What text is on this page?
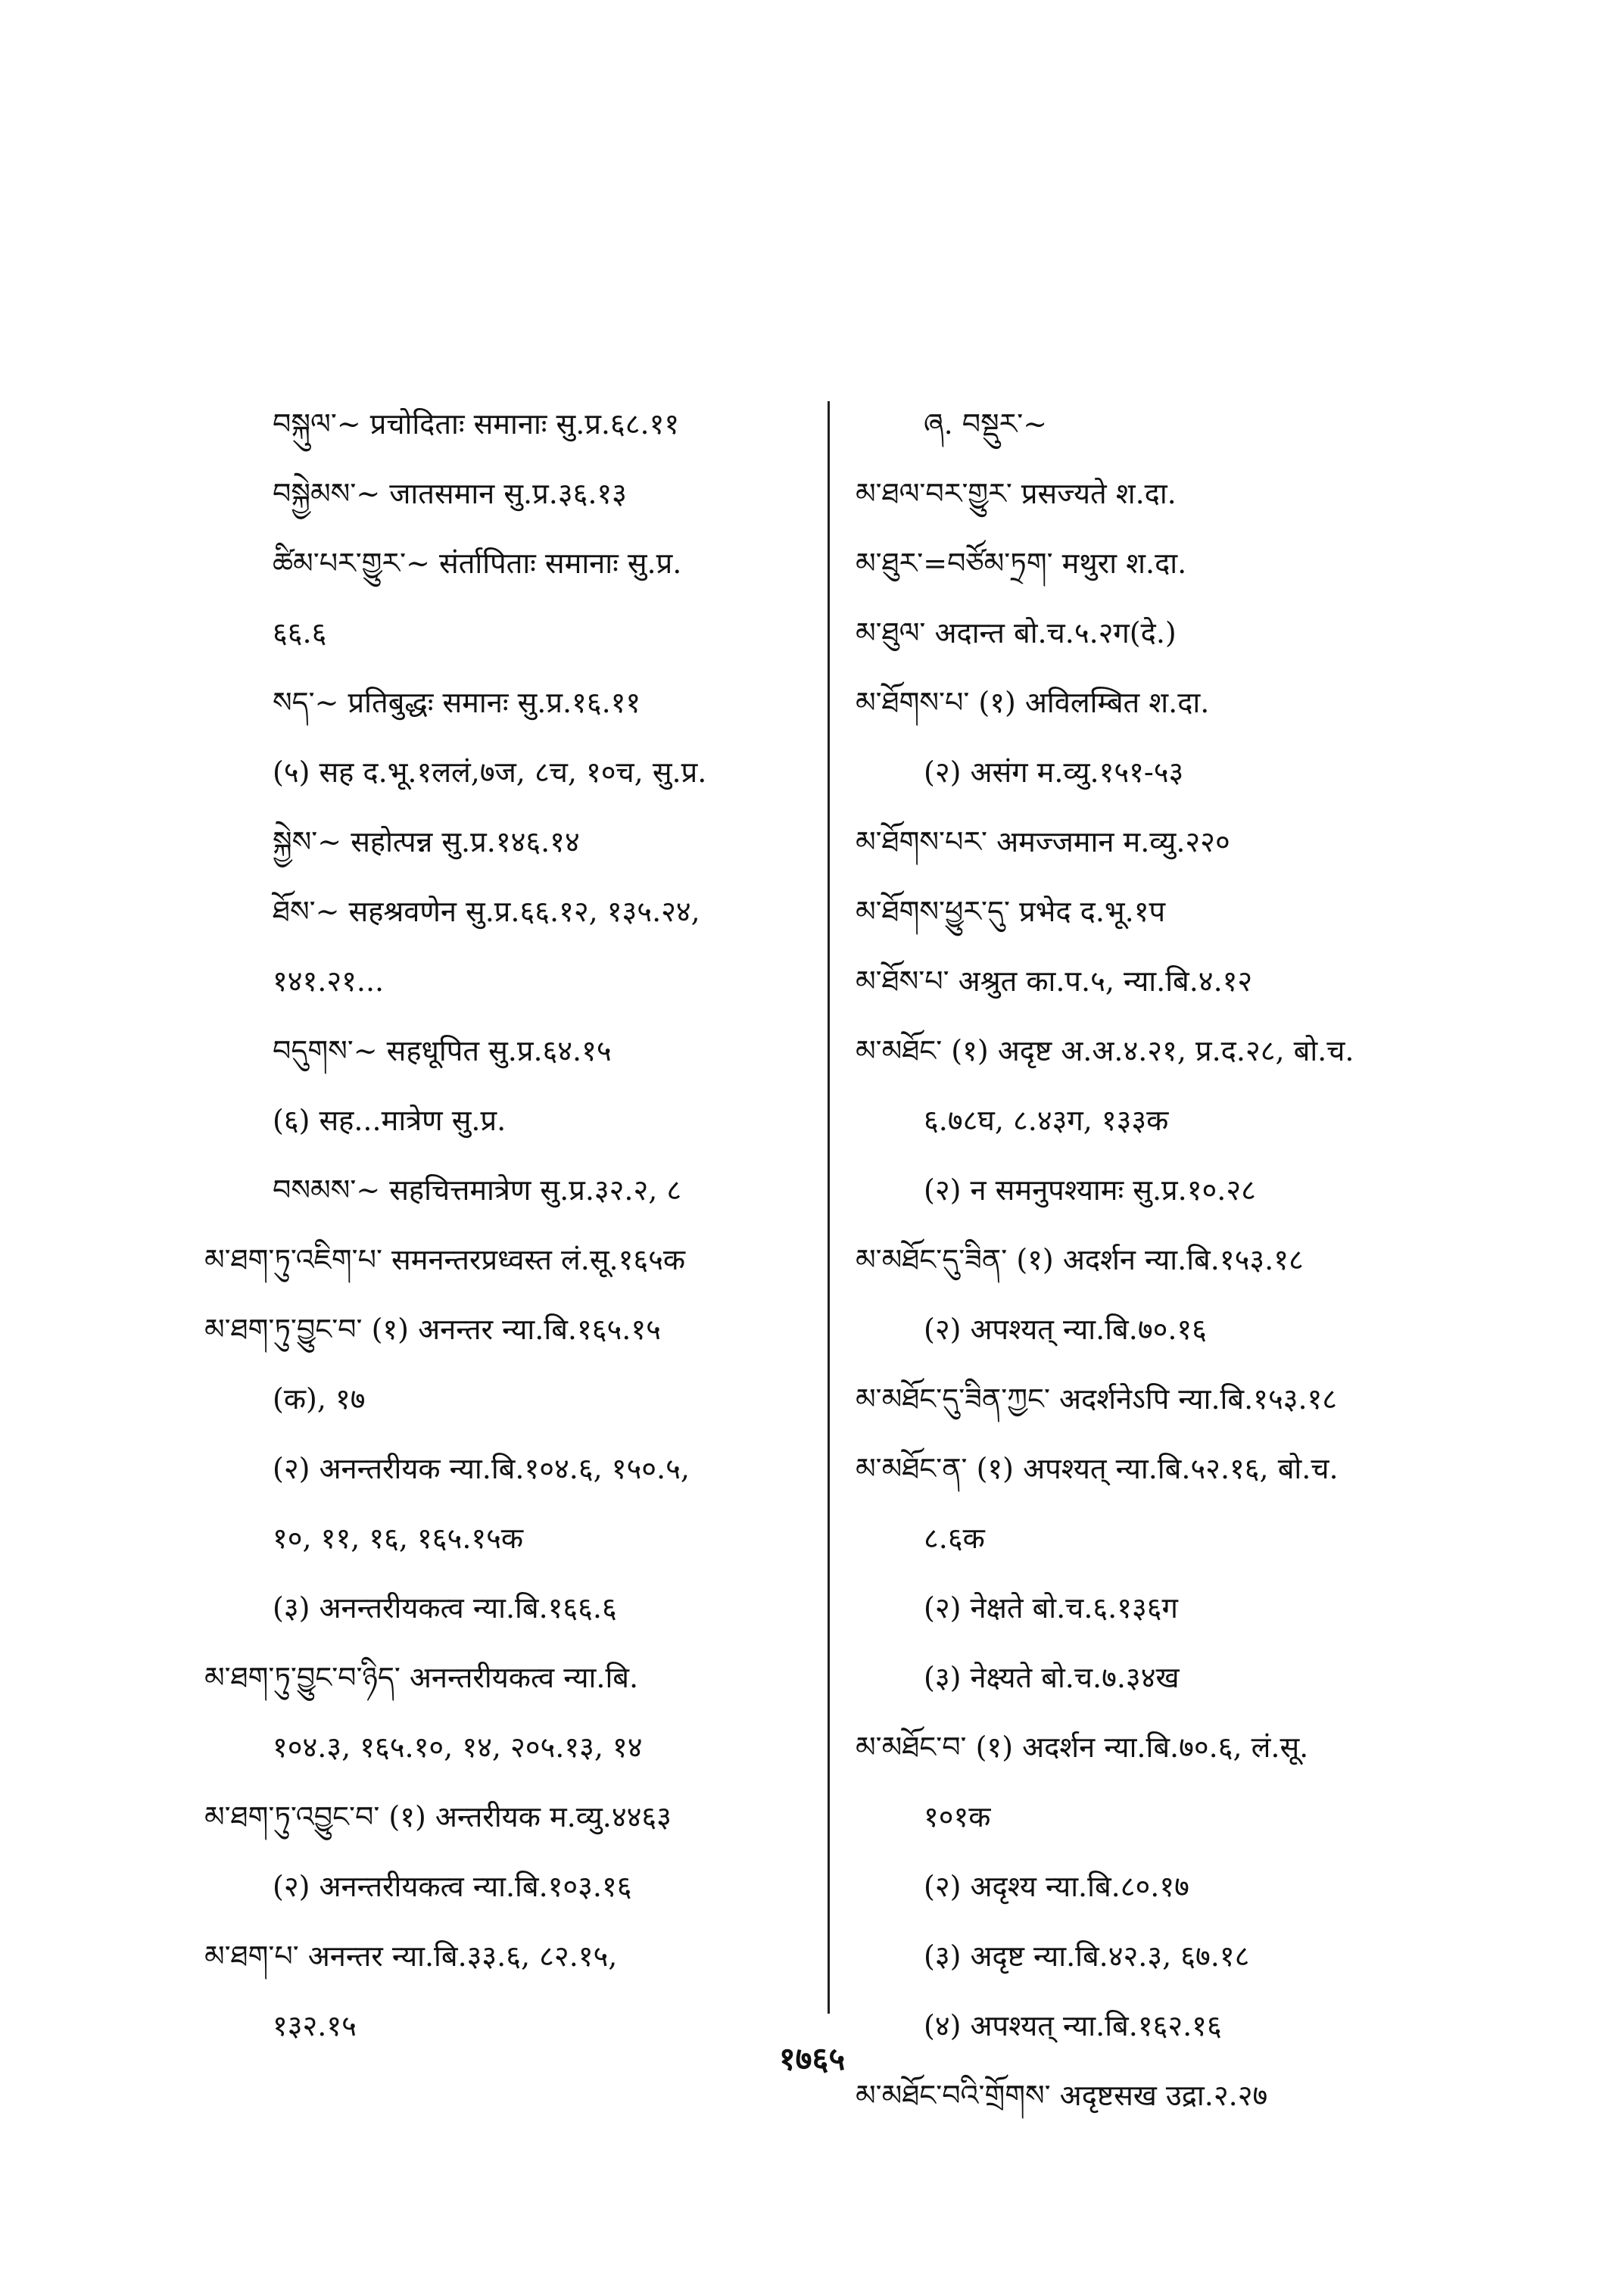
བསྐུལ་~ प्रचोदिताः समानाः सु.प्र.६८.११
བསྐྱེམས་~ जातसमान सु.प्र.३६.१३
ཚིམ་པར་གྱུར་~ संर्तापिताः समानाः सु.प्र.
६६.६
སད་~ प्रतिबुद्धः समानः सु.प्र.१६.११
(५) सह द.भू.१ललं,७ज, ८च, १०च, सु.प्र.
སྐྱེས་~ सहोत्पन्न सु.प्र.१४६.१४
ཐོས་~ सहश्रवणेन सु.प्र.६६.१२, १३५.२४,
१४१.२१...
བདུགས་~ सहधूपित सु.प्र.६४.१५
(६) सह...मात्रेण सु.प्र.
བསམས་~ सहचित्तमात्रेण सु.प्र.३२.२, ८
མ་ཐག་ཏུ་འཇིག་པ་ समनन्तरप्रध्वस्त लं.सू.१६५क
མ་ཐག་ཏུ་བྱུང་བ་ (१) अनन्तर न्या.बि.१६५.१५
(क), १७
(२) अनन्तरीयक न्या.बि.१०४.६, १५०.५,
१०, ११, १६, १६५.१५क
(३) अनन्तरीयकत्व न्या.बि.१६६.६
མ་ཐག་ཏུ་བྱུང་བ་ཉིད་ अनन्तरीयकत्व न्या.बि.
१०४.३, १६५.१०, १४, २०५.१३, १४
མ་ཐག་ཏུ་འབྱུང་བ་ (१) अन्तरीयक म.व्यु.४४६३
(२) अनन्तरीयकत्व न्या.बि.१०३.१६
མ་ཐག་པ་ अनन्तर न्या.बि.३३.६, ८२.१५,
१३२.१५
ཞ. བསྡུར་~
མ་ཐལ་བར་གྱུར་ प्रसज्यते श.दा.
མ་ཐུར་=བཙོམ་ཏྲག་ मथुरा श.दा.
མ་ཐུལ་ अदान्त बो.च.५.२ग(दे.)
མ་ཐོགས་པ་ (१) अविलम्बित श.दा.
(२) असंग म.व्यु.१५१-५३
མ་ཐོགས་པར་ अमज्जमान म.व्यु.२२०
མ་ཐོགས་ཕྱུར་དུ་ प्रभेद द.भू.१प
མ་ཐོས་པ་ अश्रुत का.प.५, न्या.बि.४.१२
མ་མཐོང་ (१) अदृष्ट अ.अ.४.२१, प्र.द.२८, बो.च.
६.७८घ, ८.४३ग, १३३क
(२) न समनुपश्यामः सु.प्र.१०.२८
མ་མཐོང་དུ་ཟིན་ (१) अदर्शन न्या.बि.१५३.१८
(२) अपश्यत् न्या.बि.७०.१६
མ་མཐོང་དུ་ཟིན་ཀྱང་ अदर्शनेऽपि न्या.बि.१५३.१८
མ་མཐོང་ན་ (१) अपश्यत् न्या.बि.५२.१६, बो.च.
८.६क
(२) नेक्षते बो.च.६.१३६ग
(३) नेक्ष्यते बो.च.७.३४ख
མ་མཐོང་བ་ (१) अदर्शन न्या.बि.७०.६, लं.सू.
१०१क
(२) अदृश्य न्या.बि.८०.१७
(३) अदृष्ट न्या.बि.४२.३, ६७.१८
(४) अपश्यत् न्या.बि.१६२.१६
མ་མཐོང་བའི་གྲོགས་ अदृष्टसख उद्रा.२.२७
१७६५
